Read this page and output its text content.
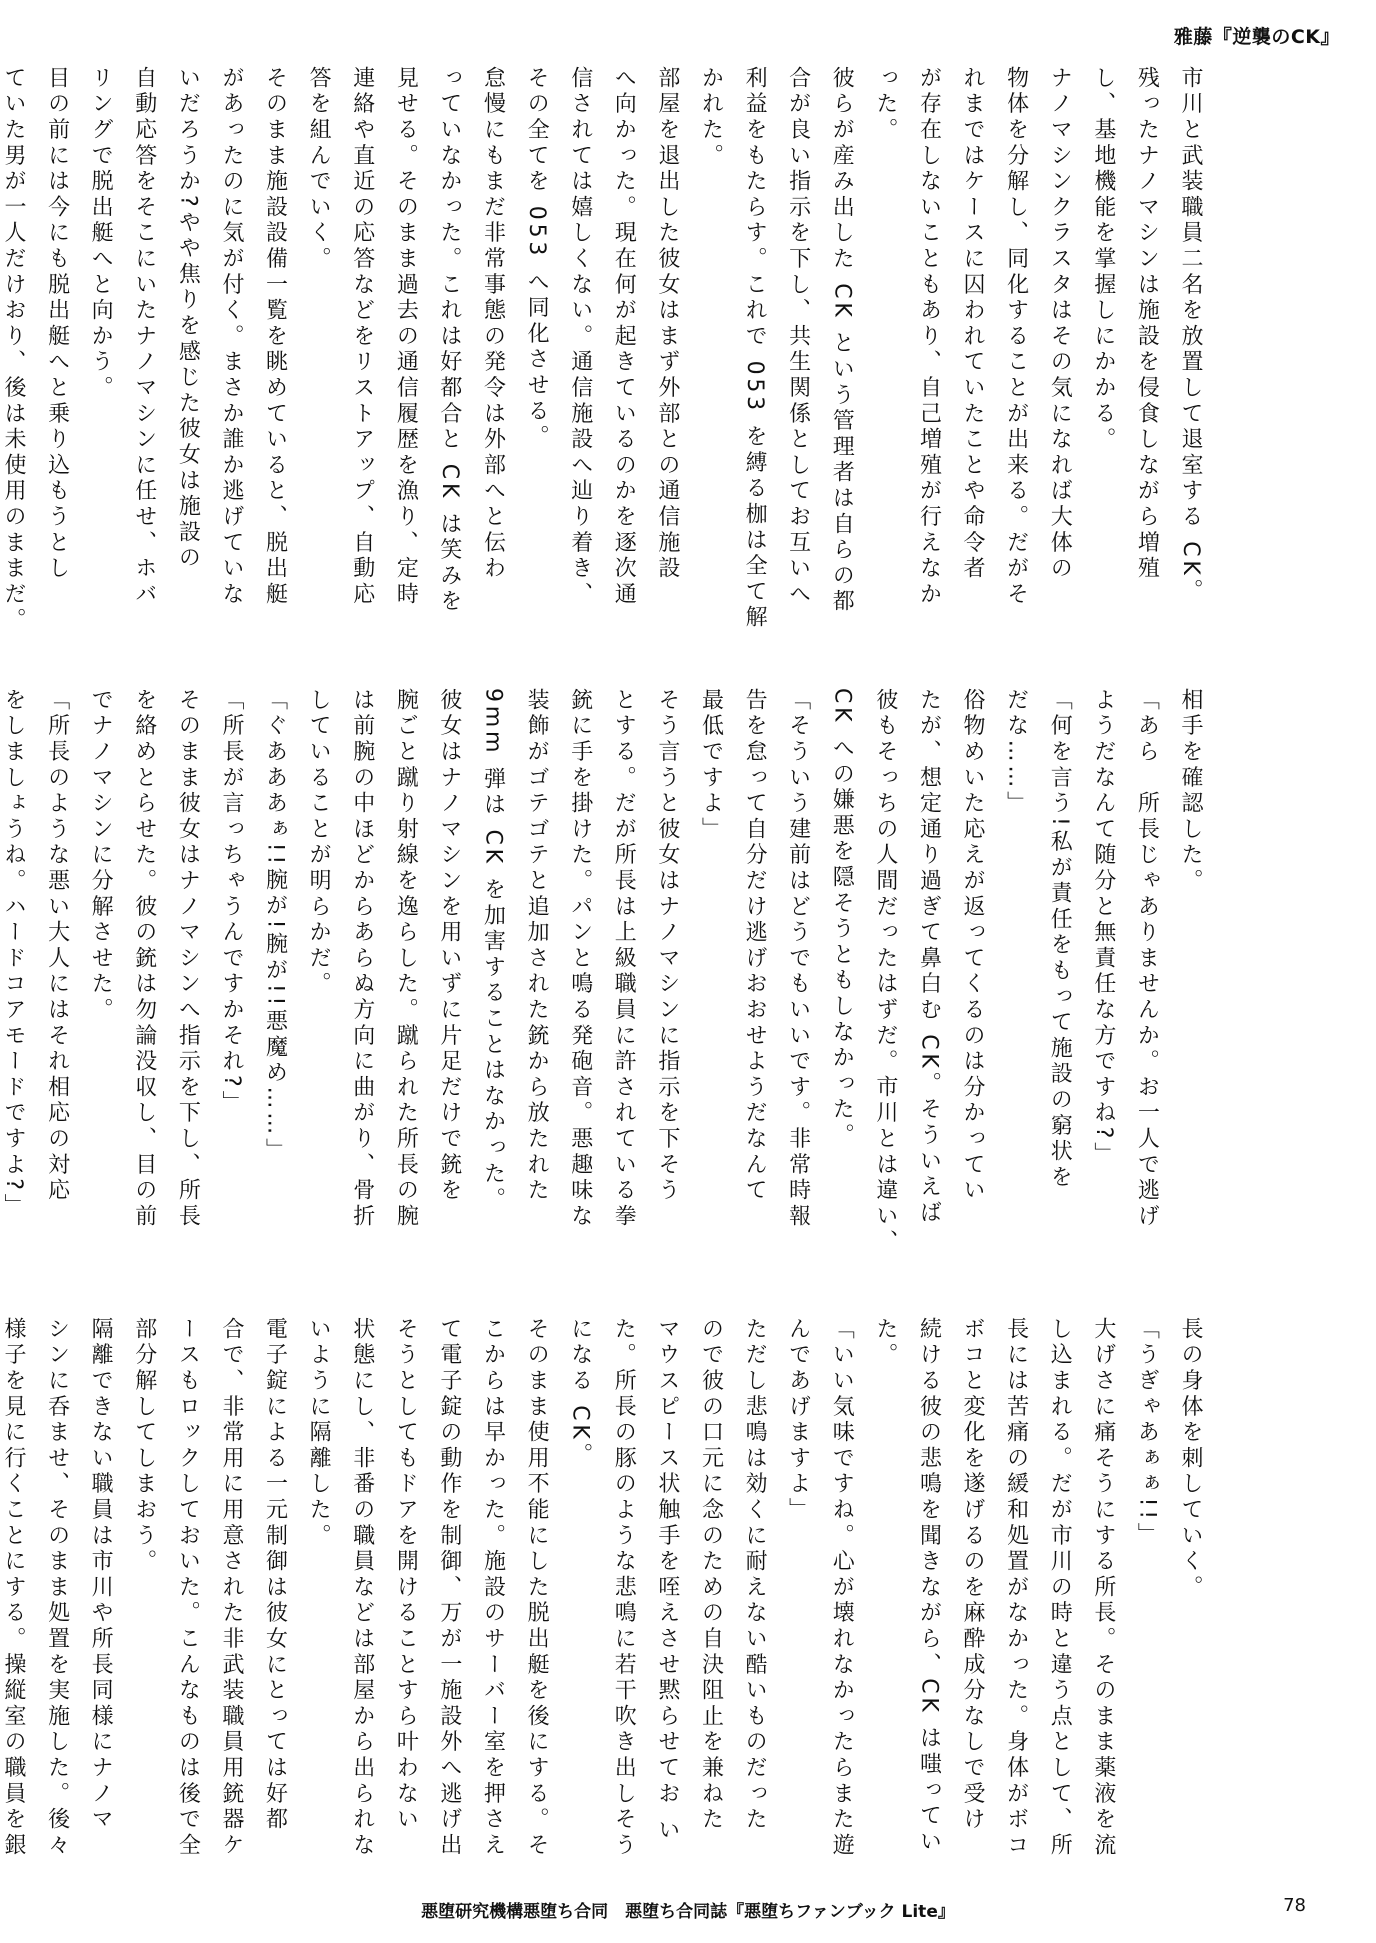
雅藤『逆襲のCK』

市川と武装職員二名を放置して退室する CK。

残ったナノマシンは施設を侵食しながら増殖

し、基地機能を掌握しにかかる。

ナノマシンクラスタはその気になれば大体の

物体を分解し、同化することが出来る。だがそ

れまではケースに囚われていたことや命令者

が存在しないこともあり、自己増殖が行えなか

った。

彼らが産み出した CK という管理者は自らの都

合が良い指示を下し、共生関係としてお互いへ

利益をもたらす。これで 053 を縛る枷は全て解

かれた。

部屋を退出した彼女はまず外部との通信施設

へ向かった。現在何が起きているのかを逐次通

信されては嬉しくない。通信施設へ辿り着き、

その全てを 053 へ同化させる。

怠慢にもまだ非常事態の発令は外部へと伝わ

っていなかった。これは好都合と CK は笑みを

見せる。そのまま過去の通信履歴を漁り、定時

連絡や直近の応答などをリストアップ、自動応

答を組んでいく。

そのまま施設設備一覧を眺めていると、脱出艇

があったのに気が付く。まさか誰か逃げていな

いだろうか?やや焦りを感じた彼女は施設の

自動応答をそこにいたナノマシンに任せ、ホバ

リングで脱出艇へと向かう。

目の前には今にも脱出艇へと乗り込もうとし

ていた男が一人だけおり、後は未使用のままだ。

相手を確認した。

「あら　所長じゃありませんか。お一人で逃げ

ようだなんて随分と無責任な方ですね?」

「何を言う!私が責任をもって施設の窮状を

だな……」

俗物めいた応えが返ってくるのは分かってい

たが、想定通り過ぎて鼻白む CK。そういえば

彼もそっちの人間だったはずだ。市川とは違い、

CK への嫌悪を隠そうともしなかった。

「そういう建前はどうでもいいです。非常時報

告を怠って自分だけ逃げおおせようだなんて

最低ですよ」

そう言うと彼女はナノマシンに指示を下そう

とする。だが所長は上級職員に許されている拳

銃に手を掛けた。パンと鳴る発砲音。悪趣味な

装飾がゴテゴテと追加された銃から放たれた

9mm 弾は CK を加害することはなかった。

彼女はナノマシンを用いずに片足だけで銃を

腕ごと蹴り射線を逸らした。蹴られた所長の腕

は前腕の中ほどからあらぬ方向に曲がり、骨折

していることが明らかだ。

「ぐあああぁ!!腕が!腕が!!悪魔め……」

「所長が言っちゃうんですかそれ?」

そのまま彼女はナノマシンへ指示を下し、所長

を絡めとらせた。彼の銃は勿論没収し、目の前

でナノマシンに分解させた。

「所長のような悪い大人にはそれ相応の対応

をしましょうね。ハードコアモードですよ?」

長の身体を刺していく。

「うぎゃあぁぁ!!」

大げさに痛そうにする所長。そのまま薬液を流

し込まれる。だが市川の時と違う点として、所

長には苦痛の緩和処置がなかった。身体がボコ

ボコと変化を遂げるのを麻酔成分なしで受け

続ける彼の悲鳴を聞きながら、CK は嗤ってい

た。

「いい気味ですね。心が壊れなかったらまた遊

んであげますよ」

ただし悲鳴は効くに耐えない酷いものだった

ので彼の口元に念のための自決阻止を兼ねた

マウスピース状触手を咥えさせ黙らせてお い

た。所長の豚のような悲鳴に若干吹き出しそう

になる CK。

そのまま使用不能にした脱出艇を後にする。そ

こからは早かった。施設のサーバー室を押さえ

て電子錠の動作を制御、万が一施設外へ逃げ出

そうとしてもドアを開けることすら叶わない

状態にし、非番の職員などは部屋から出られな

いように隔離した。

電子錠による一元制御は彼女にとっては好都

合で、非常用に用意された非武装職員用銃器ケ

ースもロックしておいた。こんなものは後で全

部分解してしまおう。

隔離できない職員は市川や所長同様にナノマ

シンに呑ませ、そのまま処置を実施した。後々

様子を見に行くことにする。操縦室の職員を銀

悪堕研究機構悪堕ち合同　悪堕ち合同誌『悪堕ちファンブック Lite』	78
